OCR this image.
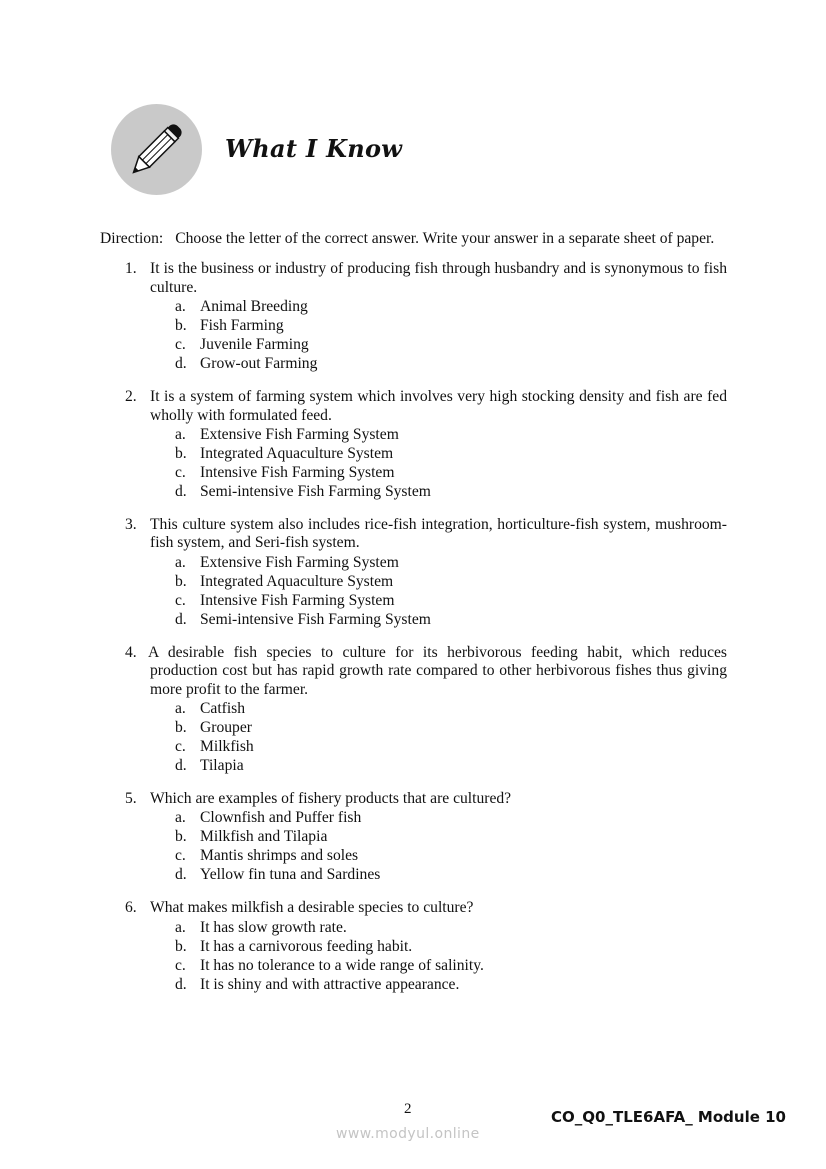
What I Know

Direction: Choose the letter of the correct answer. Write your answer in a separate sheet of paper.

1. It is the business or industry of producing fish through husbandry and is synonymous to fish culture.
a. Animal Breeding
b. Fish Farming
c. Juvenile Farming
d. Grow-out Farming
2. It is a system of farming system which involves very high stocking density and fish are fed wholly with formulated feed.
a. Extensive Fish Farming System
b. Integrated Aquaculture System
c. Intensive Fish Farming System
d. Semi-intensive Fish Farming System
3. This culture system also includes rice-fish integration, horticulture-fish system, mushroom-fish system, and Seri-fish system.
a. Extensive Fish Farming System
b. Integrated Aquaculture System
c. Intensive Fish Farming System
d. Semi-intensive Fish Farming System
4. A desirable fish species to culture for its herbivorous feeding habit, which reduces production cost but has rapid growth rate compared to other herbivorous fishes thus giving more profit to the farmer.
a. Catfish
b. Grouper
c. Milkfish
d. Tilapia
5. Which are examples of fishery products that are cultured?
a. Clownfish and Puffer fish
b. Milkfish and Tilapia
c. Mantis shrimps and soles
d. Yellow fin tuna and Sardines
6. What makes milkfish a desirable species to culture?
a. It has slow growth rate.
b. It has a carnivorous feeding habit.
c. It has no tolerance to a wide range of salinity.
d. It is shiny and with attractive appearance.
2	CO_Q0_TLE6AFA_ Module 10
www.modyul.online
